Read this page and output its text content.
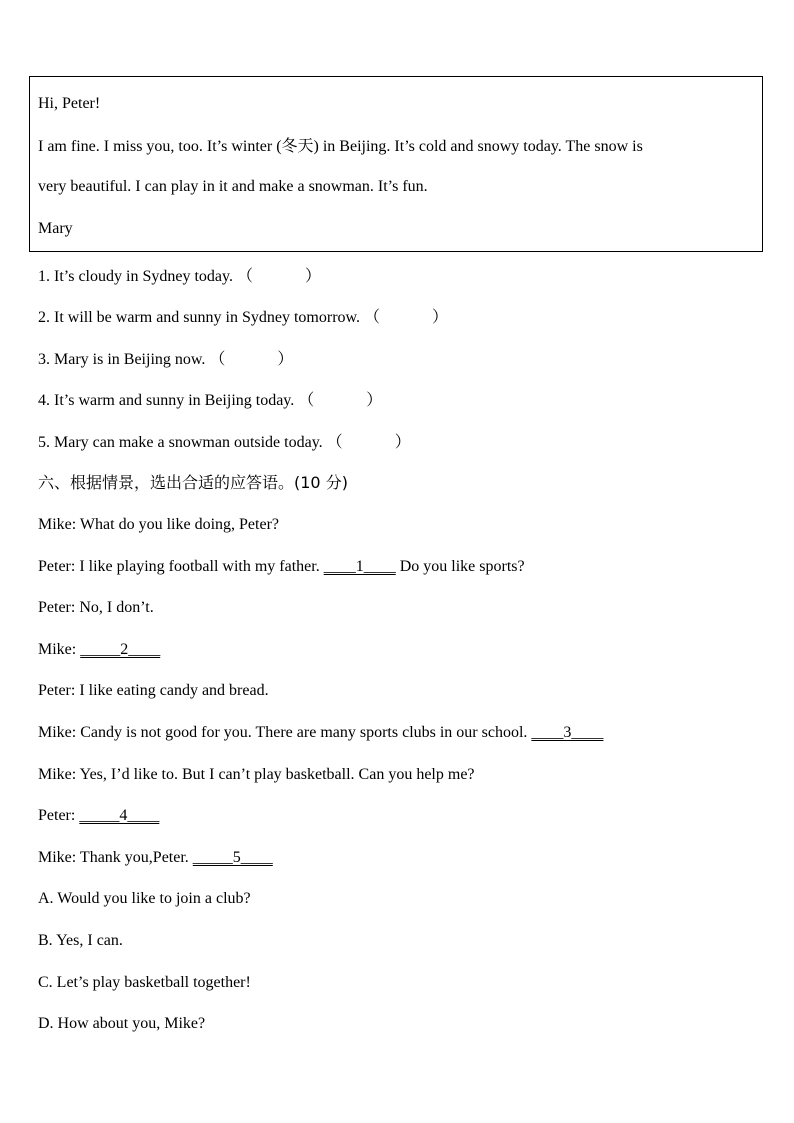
Hi, Peter!
I am fine. I miss you, too. It’s winter (冬天) in Beijing. It’s cold and snowy today. The snow is
very beautiful. I can play in it and make a snowman. It’s fun.
Mary
1. It’s cloudy in Sydney today. （	）
2. It will be warm and sunny in Sydney tomorrow. （	）
3. Mary is in Beijing now. （	）
4. It’s warm and sunny in Beijing today. （	）
5. Mary can make a snowman outside today. （	）
六、根据情景，选出合适的应答语。(10 分)
Mike: What do you like doing, Peter?
Peter: I like playing football with my father. ____1____ Do you like sports?
Peter: No, I don’t.
Mike: _____2____
Peter: I like eating candy and bread.
Mike: Candy is not good for you. There are many sports clubs in our school. ____3____
Mike: Yes, I’d like to. But I can’t play basketball. Can you help me?
Peter: _____4____
Mike: Thank you,Peter. _____5____
A. Would you like to join a club?
B. Yes, I can.
C. Let’s play basketball together!
D. How about you, Mike?
